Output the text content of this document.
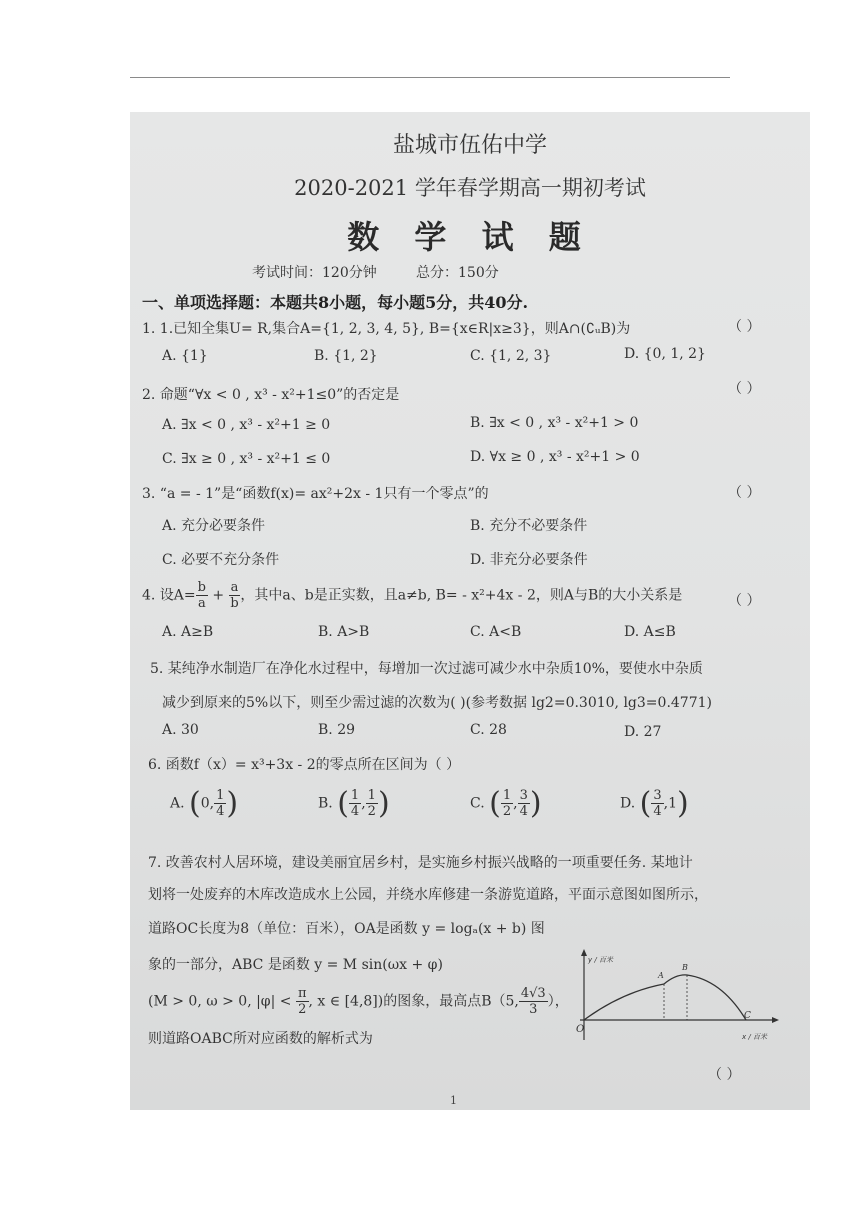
盐城市伍佑中学
2020-2021 学年春学期高一期初考试
数 学 试 题
考试时间：120分钟	总分：150分
一、单项选择题：本题共8小题，每小题5分，共40分.
1. 1.已知全集U= R,集合A={1, 2, 3, 4, 5}, B={x∈R|x≥3}，则A∩(∁ᵤB)为	（ ）
A. {1}	B. {1, 2}	C. {1, 2, 3}	D. {0, 1, 2}
2. 命题“∀x < 0 , x³ - x²+1≤0”的否定是	（ ）
A. ∃x < 0 , x³ - x²+1 ≥ 0	B. ∃x < 0 , x³ - x²+1 > 0
C. ∃x ≥ 0 , x³ - x²+1 ≤ 0	D. ∀x ≥ 0 , x³ - x²+1 > 0
3. “a = - 1”是“函数f(x)= ax²+2x - 1只有一个零点”的	（ ）
A. 充分必要条件	B. 充分不必要条件
C. 必要不充分条件	D. 非充分必要条件
4. 设$A= \frac{b}{a} + \frac{a}{b}$ ，其中a、b是正实数，且a≠b, B= - x²+4x - 2，则A与B的大小关系是	（ ）
A. A≥B	B. A>B	C. A<B	D. A≤B
5. 某纯净水制造厂在净化水过程中，每增加一次过滤可减少水中杂质10%，要使水中杂质
减少到原来的5%以下，则至少需过滤的次数为( )(参考数据 lg2=0.3010, lg3=0.4771)
A. 30	B. 29	C. 28	D. 27
6. 函数f（x）= x³+3x - 2的零点所在区间为（ ）
A. (0, $\frac{1}{4}$ )	B. ( $\frac{1}{4}$ , $\frac{1}{2}$ )	C. ( $\frac{1}{2}$ , $\frac{3}{4}$ )	D. ( $\frac{3}{4} ,1$)
7. 改善农村人居环境，建设美丽宜居乡村，是实施乡村振兴战略的一项重要任务. 某地计
划将一处废弃的木库改造成水上公园，并绕水库修建一条游览道路，平面示意图如图所示，
道路OC长度为8（单位：百米），OA是函数 y = logₐ(x + b) 图
象的一部分，ABC 是函数 y = M sin(ωx + φ)
(M > 0, ω > 0, $|\varphi| < \frac{\pi}{2}$ , x ∈ [4,8])的图象，最高点B（5, $\frac{4√3}{3}$ ），
则道路OABC所对应函数的解析式为
y / 百米
x / 百米
O
A
B
C
（ ）
1
